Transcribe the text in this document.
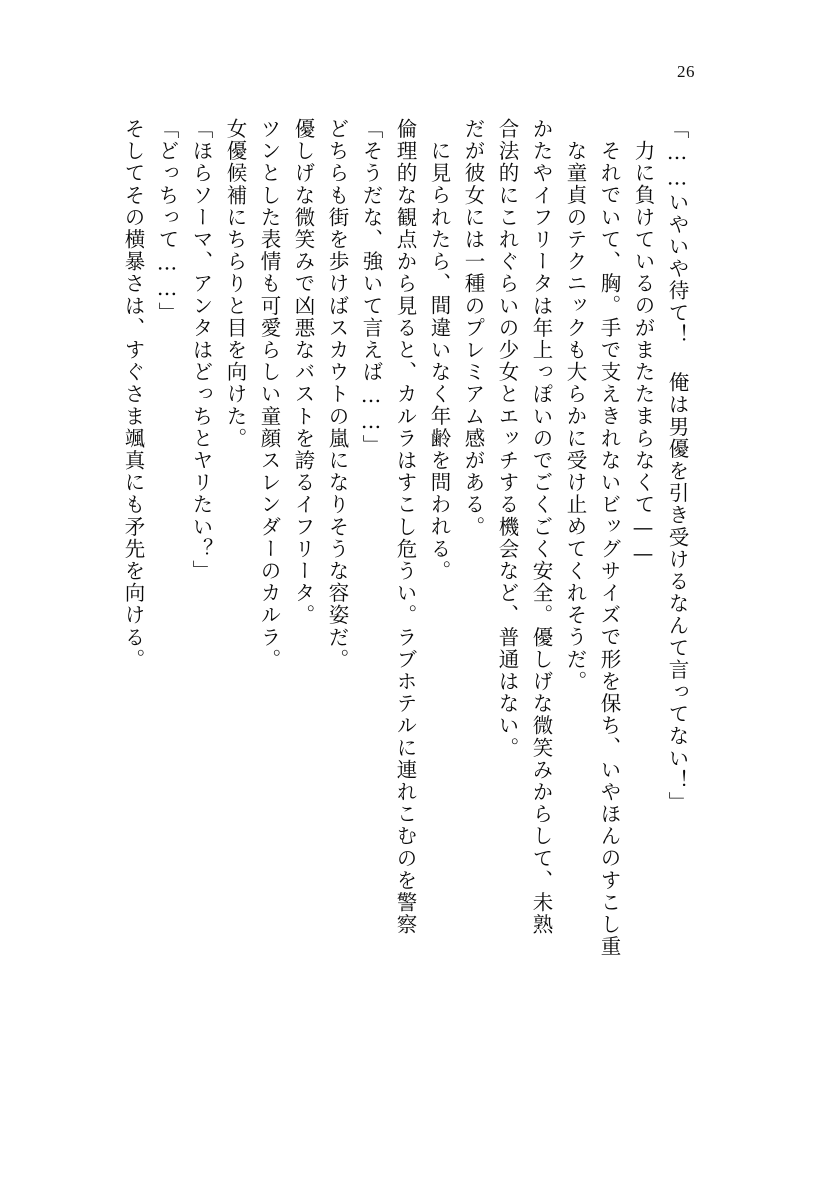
26
そしてその横暴さは、すぐさま颯真にも矛先を向ける。 「どっちって……」 「ほらソーマ、アンタはどっちとヤリたい？」 女優候補にちらりと目を向けた。 ツンとした表情も可愛らしい童顔スレンダーのカルラ。 優しげな微笑みで凶悪なバストを誇るイフリータ。 どちらも街を歩けばスカウトの嵐になりそうな容姿だ。 「そうだな、強いて言えば……」 倫理的な観点から見ると、カルラはすこし危うい。ラブホテルに連れこむのを警察 に見られたら、間違いなく年齢を問われる。 だが彼女には一種のプレミアム感がある。 合法的にこれぐらいの少女とエッチする機会など、普通はない。 かたやイフリータは年上っぽいのでごくごく安全。優しげな微笑みからして、未熟 な童貞のテクニックも大らかに受け止めてくれそうだ。 それでいて、胸。手で支えきれないビッグサイズで形を保ち、いやほんのすこし重 力に負けているのがまたたまらなくて—— 「……いやいや待て！ 俺は男優を引き受けるなんて言ってない！」
